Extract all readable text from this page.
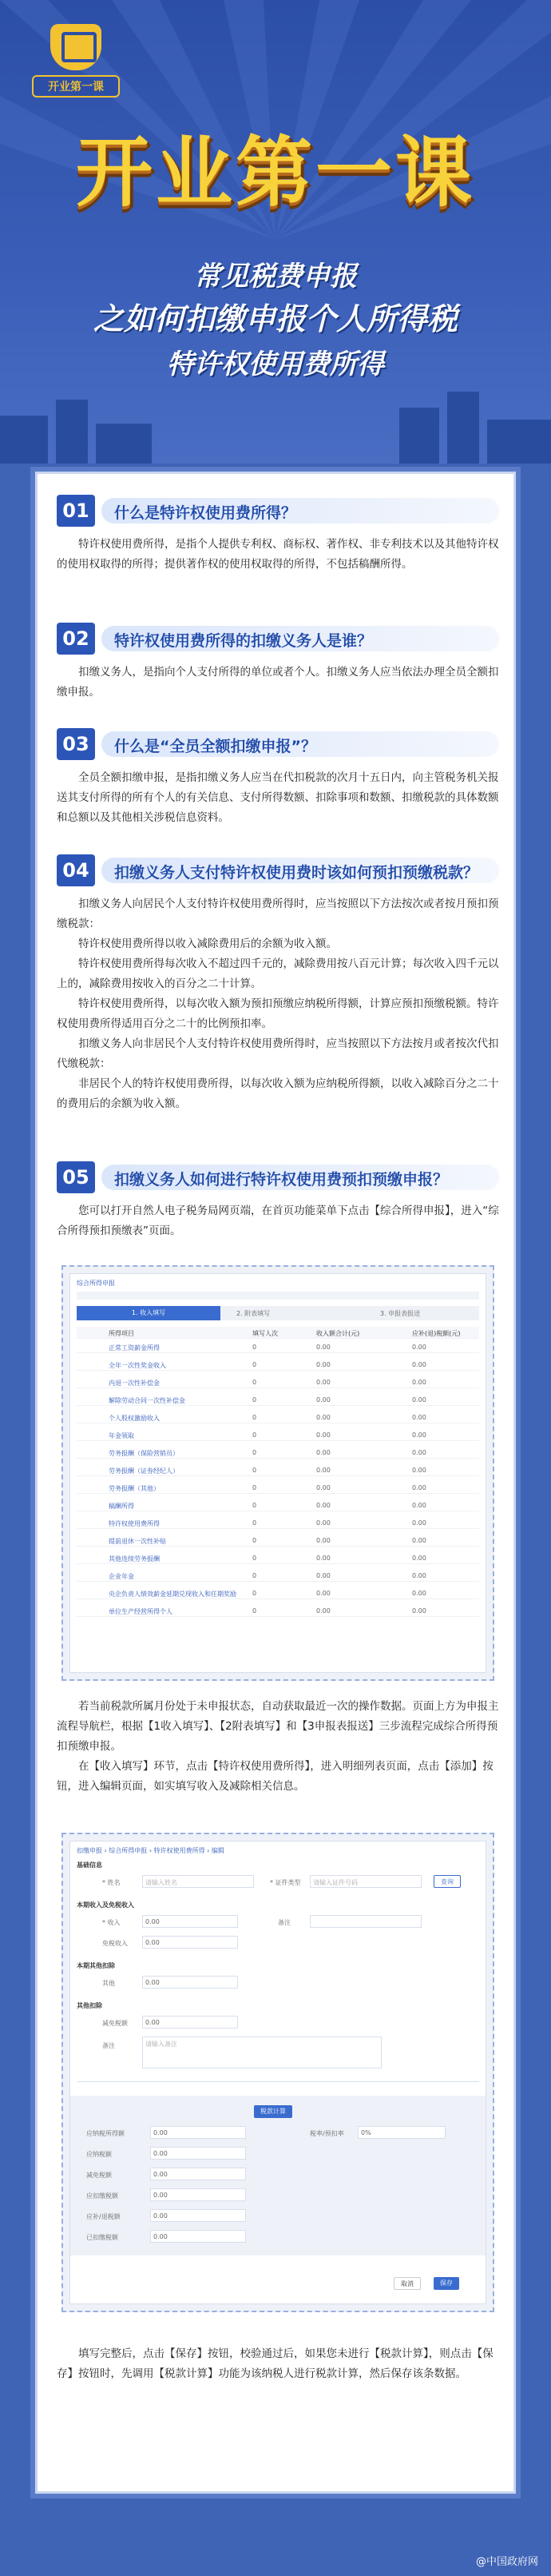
开业第一课
开业第一课
常见税费申报
之如何扣缴申报个人所得税
特许权使用费所得
01	什么是特许权使用费所得？

特许权使用费所得，是指个人提供专利权、商标权、著作权、非专利技术以及其他特许权的使用权取得的所得；提供著作权的使用权取得的所得，不包括稿酬所得。

02	特许权使用费所得的扣缴义务人是谁？

扣缴义务人，是指向个人支付所得的单位或者个人。扣缴义务人应当依法办理全员全额扣缴申报。

03	什么是“全员全额扣缴申报”？

全员全额扣缴申报，是指扣缴义务人应当在代扣税款的次月十五日内，向主管税务机关报送其支付所得的所有个人的有关信息、支付所得数额、扣除事项和数额、扣缴税款的具体数额和总额以及其他相关涉税信息资料。

04	扣缴义务人支付特许权使用费时该如何预扣预缴税款？

扣缴义务人向居民个人支付特许权使用费所得时，应当按照以下方法按次或者按月预扣预缴税款：

特许权使用费所得以收入减除费用后的余额为收入额。

特许权使用费所得每次收入不超过四千元的，减除费用按八百元计算；每次收入四千元以上的，减除费用按收入的百分之二十计算。

特许权使用费所得，以每次收入额为预扣预缴应纳税所得额，计算应预扣预缴税额。特许权使用费所得适用百分之二十的比例预扣率。

扣缴义务人向非居民个人支付特许权使用费所得时，应当按照以下方法按月或者按次代扣代缴税款：

非居民个人的特许权使用费所得，以每次收入额为应纳税所得额，以收入减除百分之二十的费用后的余额为收入额。

05	扣缴义务人如何进行特许权使用费预扣预缴申报？

您可以打开自然人电子税务局网页端，在首页功能菜单下点击【综合所得申报】，进入“综合所得预扣预缴表”页面。

综合所得申报
1. 收入填写	2. 附表填写	3. 申报表报送
所得项目	填写人次	收入额合计(元)	应补(退)税额(元)
正常工资薪金所得	0	0.00	0.00
全年一次性奖金收入	0	0.00	0.00
内退一次性补偿金	0	0.00	0.00
解除劳动合同一次性补偿金	0	0.00	0.00
个人股权激励收入	0	0.00	0.00
年金领取	0	0.00	0.00
劳务报酬（保险营销员）	0	0.00	0.00
劳务报酬（证券经纪人）	0	0.00	0.00
劳务报酬（其他）	0	0.00	0.00
稿酬所得	0	0.00	0.00
特许权使用费所得	0	0.00	0.00
提前退休一次性补贴	0	0.00	0.00
其他连续劳务报酬	0	0.00	0.00
企业年金	0	0.00	0.00
央企负责人绩效薪金延期兑现收入和任期奖励	0	0.00	0.00
单位生产经营所得个人	0	0.00	0.00

若当前税款所属月份处于未申报状态，自动获取最近一次的操作数据。页面上方为申报主流程导航栏，根据【1收入填写】、【2附表填写】和【3申报表报送】三步流程完成综合所得预扣预缴申报。

在【收入填写】环节，点击【特许权使用费所得】，进入明细列表页面，点击【添加】按钮，进入编辑页面，如实填写收入及减除相关信息。

扣缴申报 › 综合所得申报 › 特许权使用费所得 › 编辑
基础信息
* 姓名	请输入姓名	* 证件类型	请输入证件号码	查询
本期收入及免税收入
* 收入	0.00	备注
免税收入	0.00
本期其他扣除
其他	0.00
其他扣除
减免税额	0.00
备注	请输入备注
税款计算
应纳税所得额	0.00
应纳税额	0.00
减免税额	0.00
应扣缴税额	0.00
应补/退税额	0.00
已扣缴税额	0.00
税率/预扣率	0%
取消	保存

填写完整后，点击【保存】按钮，校验通过后，如果您未进行【税款计算】，则点击【保存】按钮时，先调用【税款计算】功能为该纳税人进行税款计算，然后保存该条数据。

@中国政府网
